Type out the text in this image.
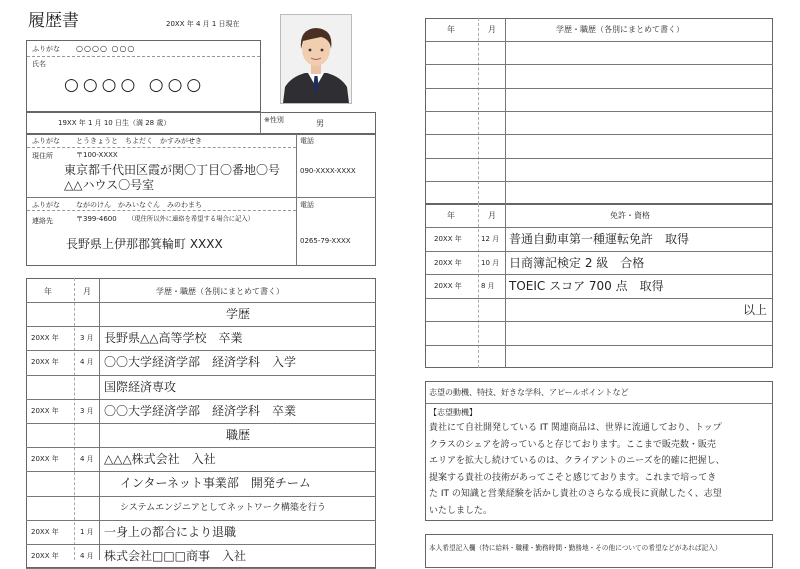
履歴書	20XX 年 4 月 1 日現在
ふりがな ○○○○ ○○○
氏名
○○○○ ○○○
19XX 年 1 月 10 日生（満 28 歳）	※性別	男
ふりがな とうきょうと　ちよだく　かすみがせき
現住所	〒100-XXXX
東京都千代田区霞が関〇丁目〇番地〇号
△△ハウス〇号室
電話
090-XXXX-XXXX
ふりがな ながのけん　かみいなぐん　みのわまち
連絡先	〒399-4600 （現住所以外に連絡を希望する場合に記入）
長野県上伊那郡箕輪町 XXXX
電話
0265-79-XXXX
年	月	学歴・職歴（各別にまとめて書く）
学歴
20XX 年	3 月 長野県△△高等学校　卒業
20XX 年	4 月 〇〇大学経済学部　経済学科　入学
国際経済専攻
20XX 年	3 月 〇〇大学経済学部　経済学科　卒業
職歴
20XX 年	4 月 △△△株式会社　入社
インターネット事業部　開発チーム
システムエンジニアとしてネットワーク構築を行う
20XX 年	1 月 一身上の都合により退職
20XX 年	4 月 株式会社□□□商事　入社
年	月	学歴・職歴（各別にまとめて書く）
年	月	免許・資格
20XX 年	12 月 普通自動車第一種運転免許　取得
20XX 年	10 月 日商簿記検定 2 級　合格
20XX 年	8 月 TOEIC スコア 700 点　取得
以上
志望の動機、特技、好きな学科、アピールポイントなど
【志望動機】
貴社にて自社開発している IT 関連商品は、世界に流通しており、トップ
クラスのシェアを誇っていると存じております。ここまで販売数・販売
エリアを拡大し続けているのは、クライアントのニーズを的確に把握し、
提案する貴社の技術があってこそと感じております。これまで培ってき
た IT の知識と営業経験を活かし貴社のさらなる成長に貢献したく、志望
いたしました。
本人希望記入欄（特に給料・職種・勤務時間・勤務地・その他についての希望などがあれば記入）
